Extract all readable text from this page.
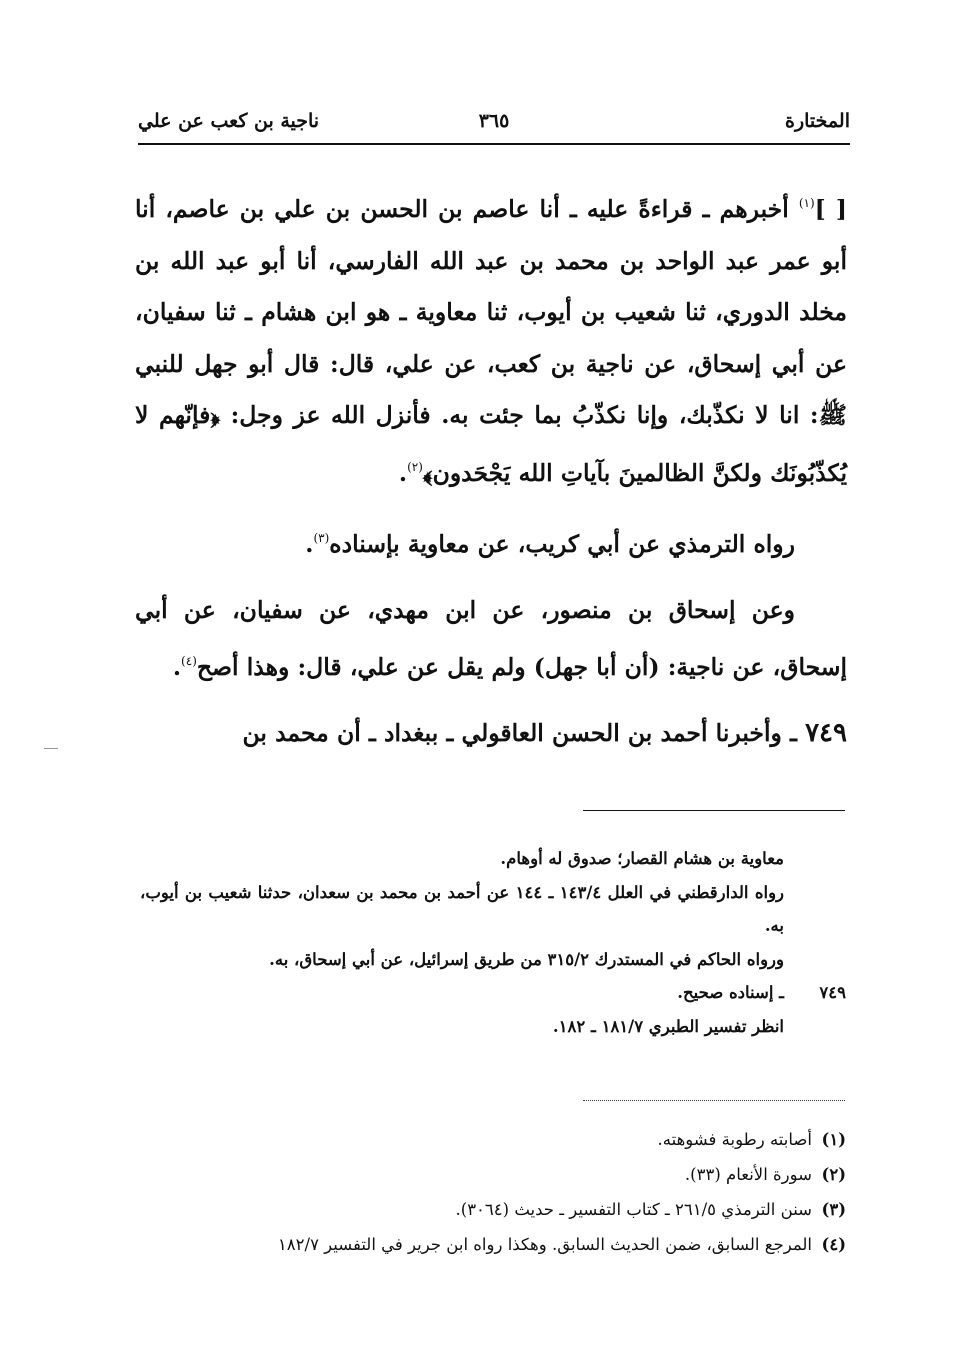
المختارة
٣٦٥
ناجية بن كعب عن علي

[ ]$^{(١)}$ أخبرهم ـ قراءةً عليه ـ أنا عاصم بن الحسن بن علي بن عاصم، أنا أبو عمر عبد الواحد بن محمد بن عبد الله الفارسي، أنا أبو عبد الله بن مخلد الدوري، ثنا شعيب بن أيوب، ثنا معاوية ـ هو ابن هشام ـ ثنا سفيان، عن أبي إسحاق، عن ناجية بن كعب، عن علي، قال: قال أبو جهل للنبي ﷺ: انا لا نكذّبك، وإنا نكذّبُ بما جئت به. فأنزل الله عز وجل: ﴿فإنّهم لا يُكذّبُونَك ولكنَّ الظالمينَ بآياتِ الله يَجْحَدون﴾$^{(٢)}$.

رواه الترمذي عن أبي كريب، عن معاوية بإسناده$^{(٣)}$.

وعن إسحاق بن منصور، عن ابن مهدي، عن سفيان، عن أبي إسحاق، عن ناجية: (أن أبا جهل) ولم يقل عن علي، قال: وهذا أصح$^{(٤)}$.

٧٤٩ ـ وأخبرنا أحمد بن الحسن العاقولي ـ ببغداد ـ أن محمد بن

معاوية بن هشام القصار؛ صدوق له أوهام.

رواه الدارقطني في العلل ١٤٣/٤ ـ ١٤٤ عن أحمد بن محمد بن سعدان، حدثنا شعيب بن أيوب، به.

ورواه الحاكم في المستدرك ٣١٥/٢ من طريق إسرائيل، عن أبي إسحاق، به.

٧٤٩ـ إسناده صحيح.

انظر تفسير الطبري ١٨١/٧ ـ ١٨٢.

(١)أصابته رطوبة فشوهته.

(٢)سورة الأنعام (٣٣).

(٣)سنن الترمذي ٢٦١/٥ ـ كتاب التفسير ـ حديث (٣٠٦٤).

(٤)المرجع السابق، ضمن الحديث السابق. وهكذا رواه ابن جرير في التفسير ١٨٢/٧
